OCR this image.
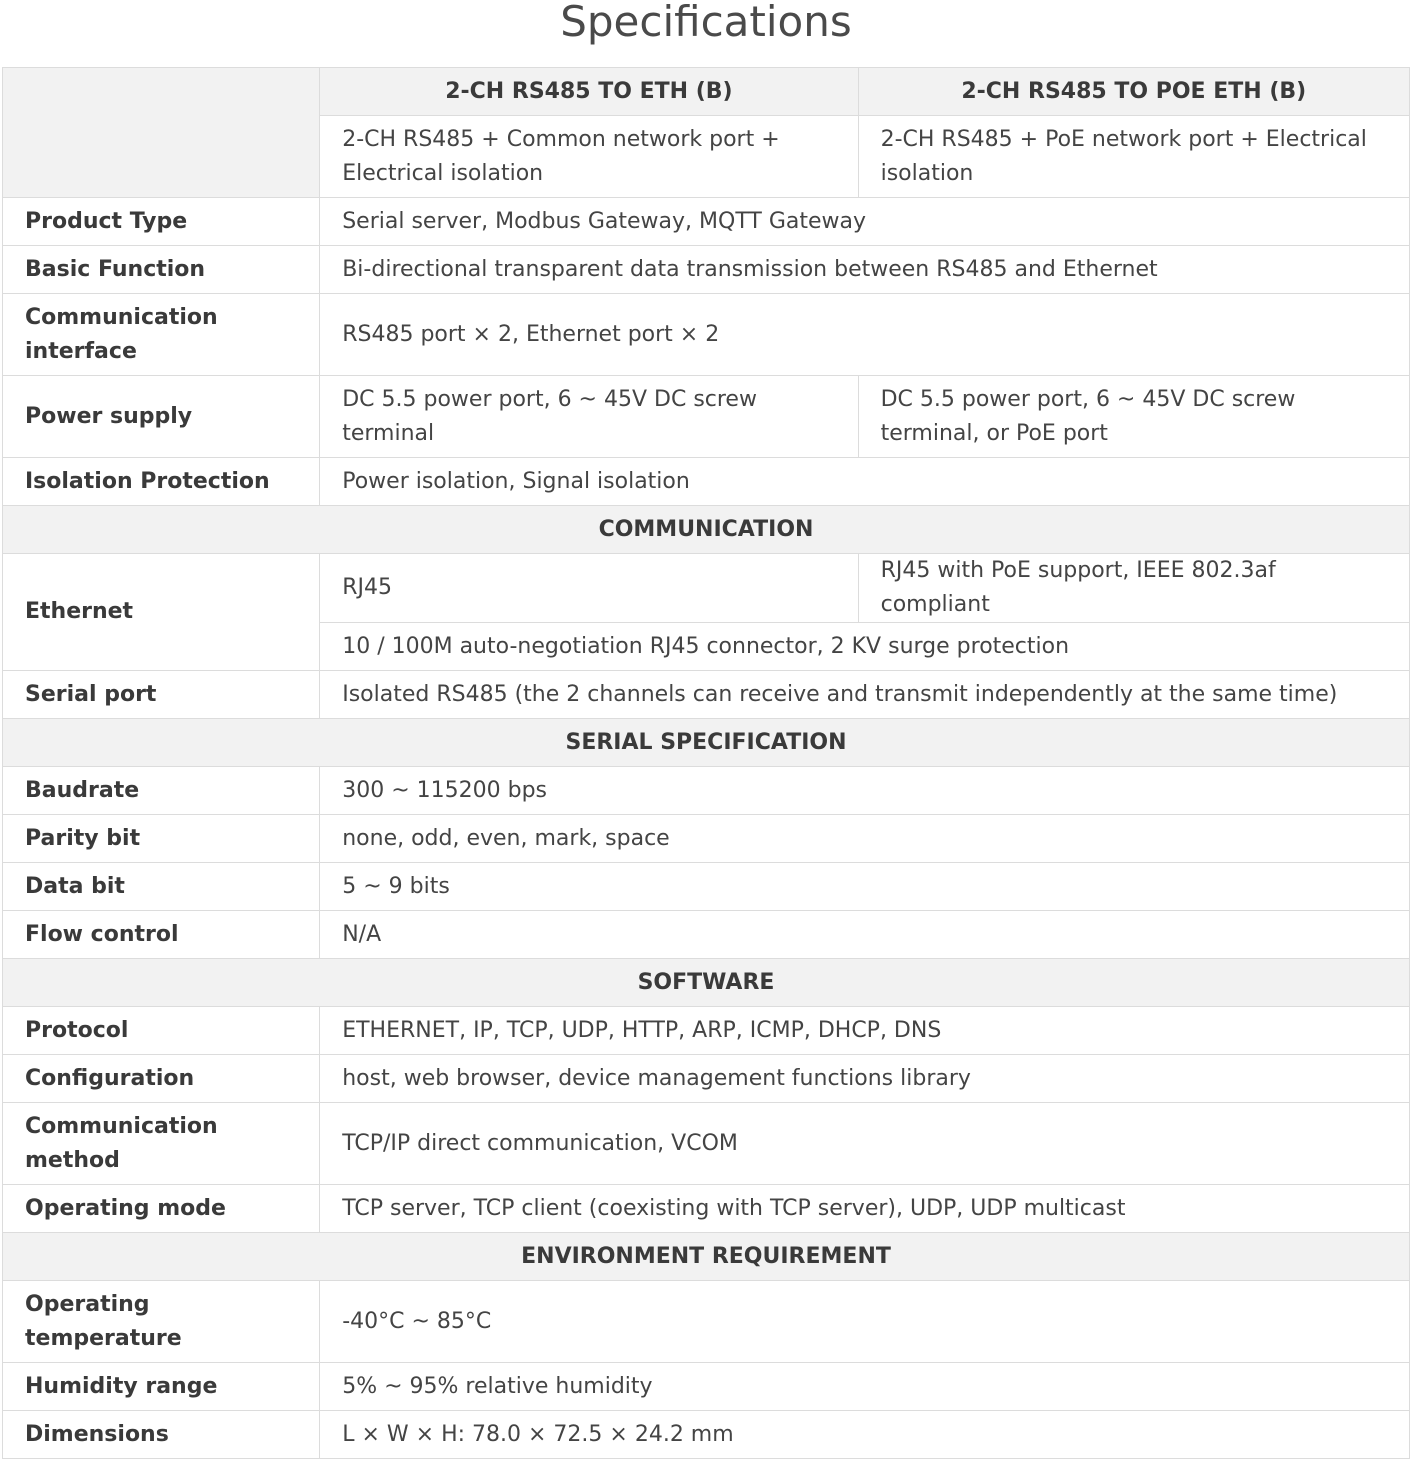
Specifications
	2-CH RS485 TO ETH (B)	2-CH RS485 TO POE ETH (B)
	2-CH RS485 + Common network port + Electrical isolation	2-CH RS485 + PoE network port + Electrical isolation
Product Type	Serial server, Modbus Gateway, MQTT Gateway	
Basic Function	Bi-directional transparent data transmission between RS485 and Ethernet	
Communication interface	RS485 port × 2, Ethernet port × 2	
Power supply	DC 5.5 power port, 6 ~ 45V DC screw terminal	DC 5.5 power port, 6 ~ 45V DC screw terminal, or PoE port
Isolation Protection	Power isolation, Signal isolation	
COMMUNICATION		
Ethernet	RJ45	RJ45 with PoE support, IEEE 802.3af compliant
	10 / 100M auto-negotiation RJ45 connector, 2 KV surge protection	
Serial port	Isolated RS485 (the 2 channels can receive and transmit independently at the same time)	
SERIAL SPECIFICATION		
Baudrate	300 ~ 115200 bps	
Parity bit	none, odd, even, mark, space	
Data bit	5 ~ 9 bits	
Flow control	N/A	
SOFTWARE		
Protocol	ETHERNET, IP, TCP, UDP, HTTP, ARP, ICMP, DHCP, DNS	
Configuration	host, web browser, device management functions library	
Communication method	TCP/IP direct communication, VCOM	
Operating mode	TCP server, TCP client (coexisting with TCP server), UDP, UDP multicast	
ENVIRONMENT REQUIREMENT		
Operating temperature	-40°C ~ 85°C	
Humidity range	5% ~ 95% relative humidity	
Dimensions	L × W × H: 78.0 × 72.5 × 24.2 mm	
